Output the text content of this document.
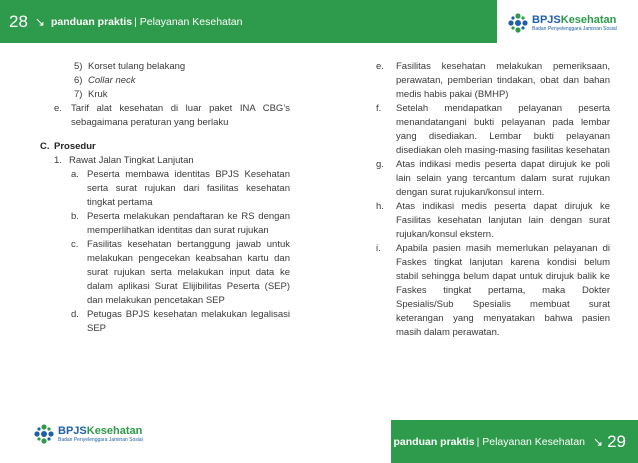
28 ↘ panduan praktis | Pelayanan Kesehatan	BPJSKesehatan
Badan Penyelenggara Jaminan Sosial
5) Korset tulang belakang
6) Collar neck
7) Kruk
e. Tarif alat kesehatan di luar paket INA CBG’s sebagaimana peraturan yang berlaku
C. Prosedur
1. Rawat Jalan Tingkat Lanjutan
a. Peserta membawa identitas BPJS Kesehatan serta surat rujukan dari fasilitas kesehatan tingkat pertama
b. Peserta melakukan pendaftaran ke RS dengan memperlihatkan identitas dan surat rujukan
c. Fasilitas kesehatan bertanggung jawab untuk melakukan pengecekan keabsahan kartu dan surat rujukan serta melakukan input data ke dalam aplikasi Surat Elijibilitas Peserta (SEP) dan melakukan pencetakan SEP
d. Petugas BPJS kesehatan melakukan legalisasi SEP
e.	Fasilitas kesehatan melakukan pemeriksaan, perawatan, pemberian tindakan, obat dan bahan medis habis pakai (BMHP)
f.	Setelah mendapatkan pelayanan peserta menandatangani bukti pelayanan pada lembar yang disediakan. Lembar bukti pelayanan disediakan oleh masing-masing fasilitas kesehatan
g.	Atas indikasi medis peserta dapat dirujuk ke poli lain selain yang tercantum dalam surat rujukan dengan surat rujukan/konsul intern.
h.	Atas indikasi medis peserta dapat dirujuk ke Fasilitas kesehatan lanjutan lain dengan surat rujukan/konsul ekstern.
i.	Apabila pasien masih memerlukan pelayanan di Faskes tingkat lanjutan karena kondisi belum stabil sehingga belum dapat untuk dirujuk balik ke Faskes tingkat pertama, maka Dokter Spesialis/Sub Spesialis membuat surat keterangan yang menyatakan bahwa pasien masih dalam perawatan.
BPJSKesehatan
Badan Penyelenggara Jaminan Sosial	panduan praktis | Pelayanan Kesehatan ↘ 29
